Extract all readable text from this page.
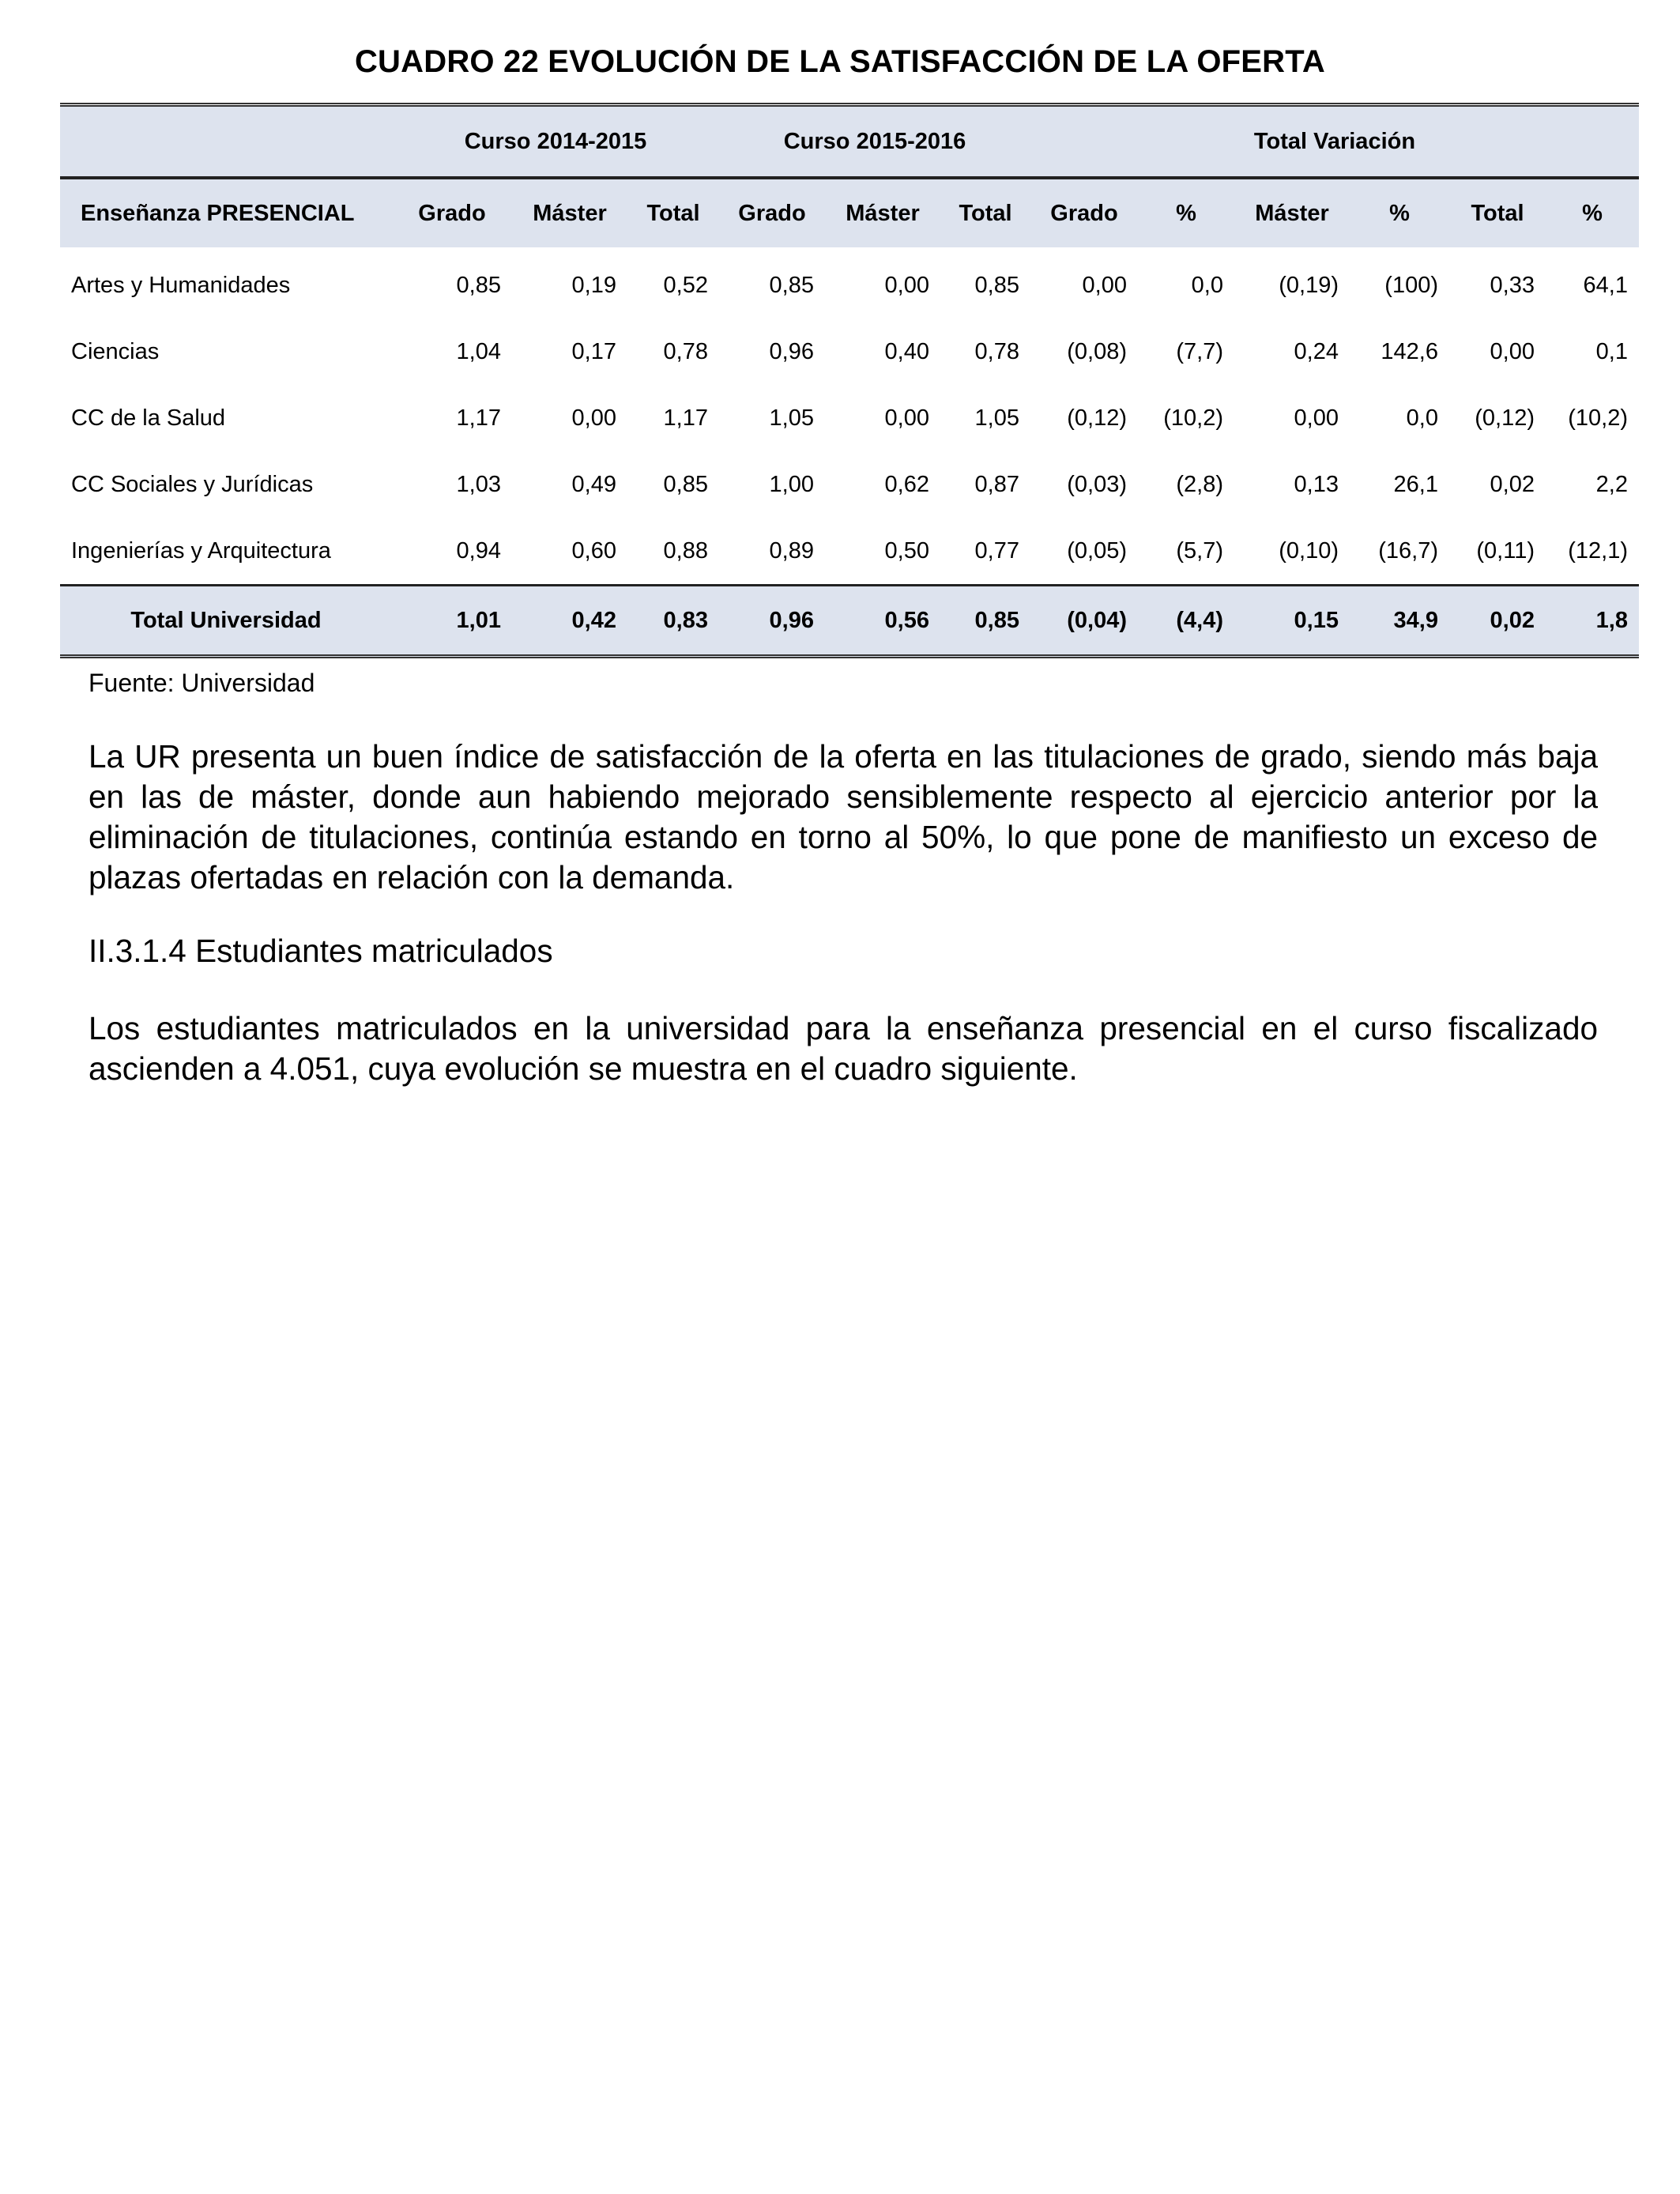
CUADRO 22 EVOLUCIÓN DE LA SATISFACCIÓN DE LA OFERTA

	Curso 2014-2015			Curso 2015-2016			Total Variación					
Enseñanza PRESENCIAL	Grado	Máster	Total	Grado	Máster	Total	Grado	%	Máster	%	Total	%
Artes y Humanidades	0,85	0,19	0,52	0,85	0,00	0,85	0,00	0,0	(0,19)	(100)	0,33	64,1
Ciencias	1,04	0,17	0,78	0,96	0,40	0,78	(0,08)	(7,7)	0,24	142,6	0,00	0,1
CC de la Salud	1,17	0,00	1,17	1,05	0,00	1,05	(0,12)	(10,2)	0,00	0,0	(0,12)	(10,2)
CC Sociales y Jurídicas	1,03	0,49	0,85	1,00	0,62	0,87	(0,03)	(2,8)	0,13	26,1	0,02	2,2
Ingenierías y Arquitectura	0,94	0,60	0,88	0,89	0,50	0,77	(0,05)	(5,7)	(0,10)	(16,7)	(0,11)	(12,1)
Total Universidad	1,01	0,42	0,83	0,96	0,56	0,85	(0,04)	(4,4)	0,15	34,9	0,02	1,8
Fuente: Universidad
La UR presenta un buen índice de satisfacción de la oferta en las titulaciones de grado, siendo más baja en las de máster, donde aun habiendo mejorado sensiblemente respecto al ejercicio anterior por la eliminación de titulaciones, continúa estando en torno al 50%, lo que pone de manifiesto un exceso de plazas ofertadas en relación con la demanda.
II.3.1.4 Estudiantes matriculados
Los estudiantes matriculados en la universidad para la enseñanza presencial en el curso fiscalizado ascienden a 4.051, cuya evolución se muestra en el cuadro siguiente.
